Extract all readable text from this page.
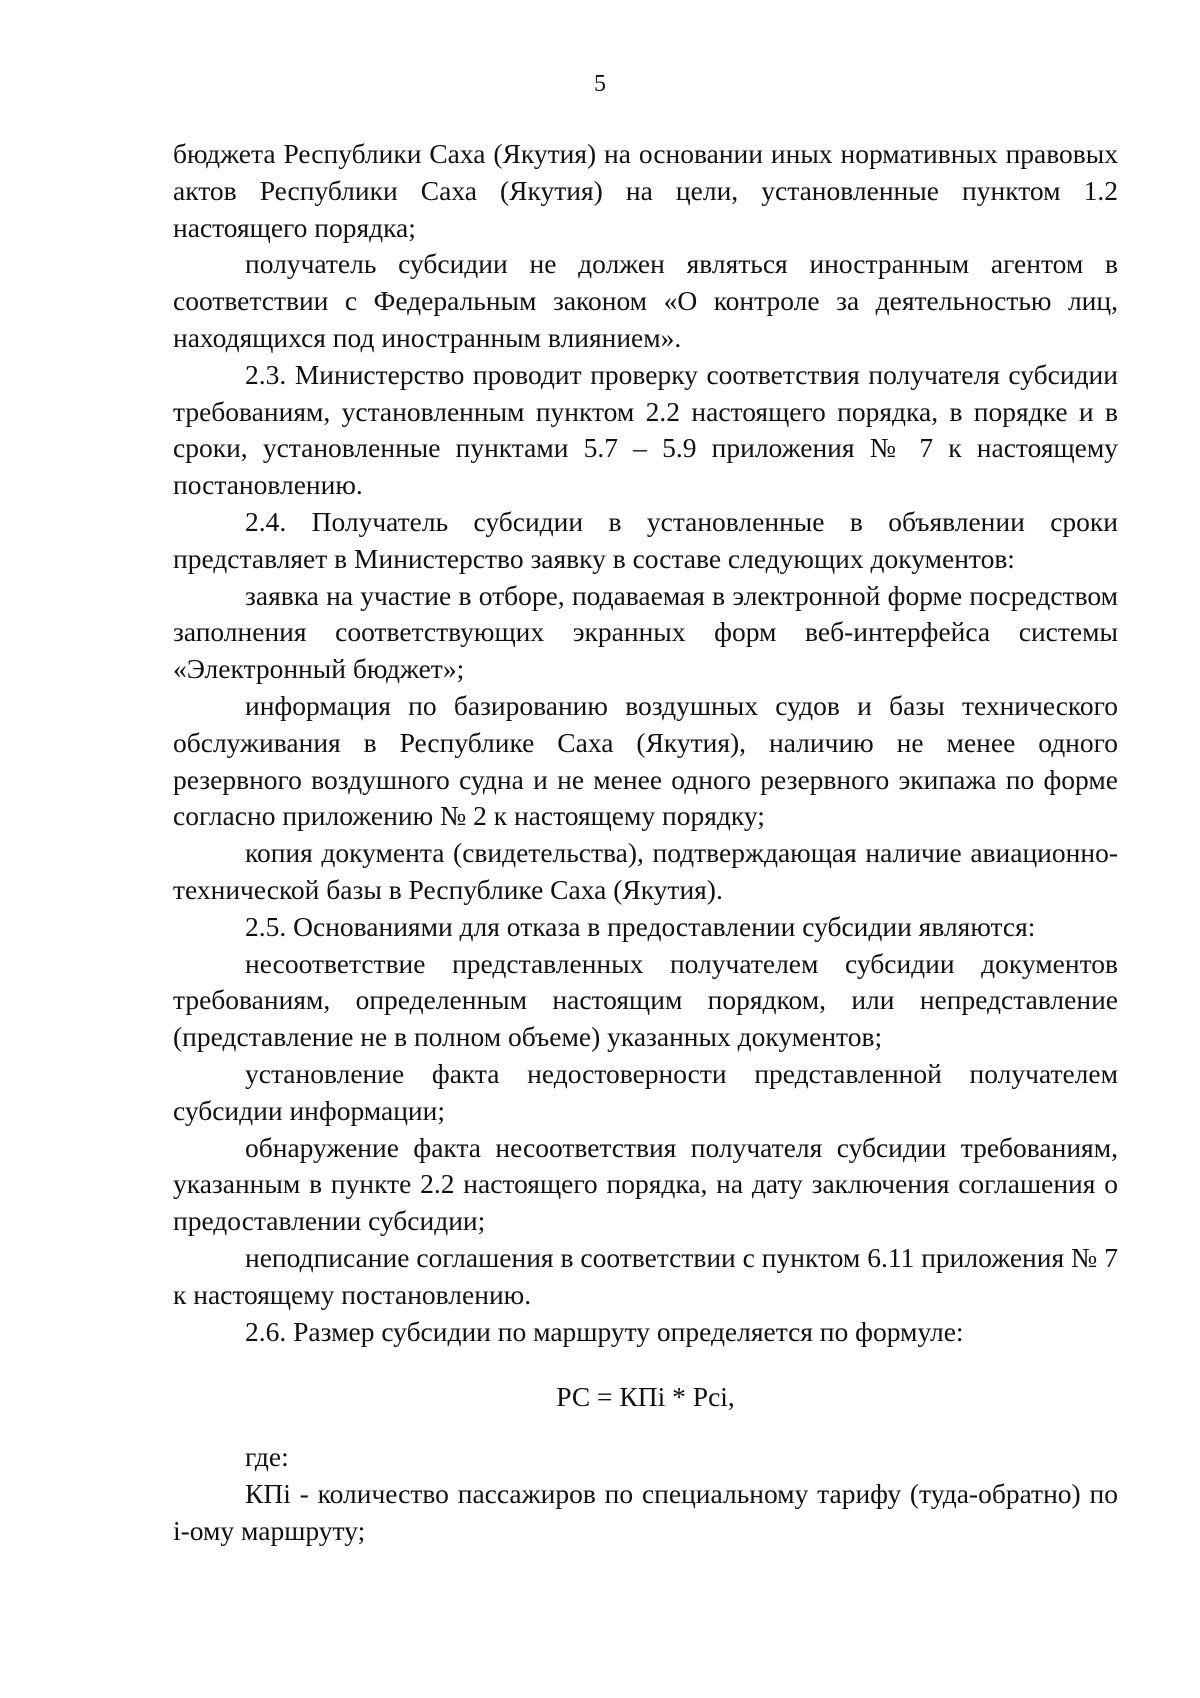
5

бюджета Республики Саха (Якутия) на основании иных нормативных правовых актов Республики Саха (Якутия) на цели, установленные пунктом 1.2 настоящего порядка;

получатель субсидии не должен являться иностранным агентом в соответствии с Федеральным законом «О контроле за деятельностью лиц, находящихся под иностранным влиянием».

2.3. Министерство проводит проверку соответствия получателя субсидии требованиям, установленным пунктом 2.2 настоящего порядка, в порядке и в сроки, установленные пунктами 5.7 – 5.9 приложения № 7 к настоящему постановлению.

2.4. Получатель субсидии в установленные в объявлении сроки представляет в Министерство заявку в составе следующих документов:

заявка на участие в отборе, подаваемая в электронной форме посредством заполнения соответствующих экранных форм веб-интерфейса системы «Электронный бюджет»;

информация по базированию воздушных судов и базы технического обслуживания в Республике Саха (Якутия), наличию не менее одного резервного воздушного судна и не менее одного резервного экипажа по форме согласно приложению № 2 к настоящему порядку;

копия документа (свидетельства), подтверждающая наличие авиационно-технической базы в Республике Саха (Якутия).

2.5. Основаниями для отказа в предоставлении субсидии являются:

несоответствие представленных получателем субсидии документов требованиям, определенным настоящим порядком, или непредставление (представление не в полном объеме) указанных документов;

установление факта недостоверности представленной получателем субсидии информации;

обнаружение факта несоответствия получателя субсидии требованиям, указанным в пункте 2.2 настоящего порядка, на дату заключения соглашения о предоставлении субсидии;

неподписание соглашения в соответствии с пунктом 6.11 приложения № 7 к настоящему постановлению.

2.6. Размер субсидии по маршруту определяется по формуле:

РС = КПi * Рсi,

где:

КПi - количество пассажиров по специальному тарифу (туда-обратно) по i-ому маршруту;
